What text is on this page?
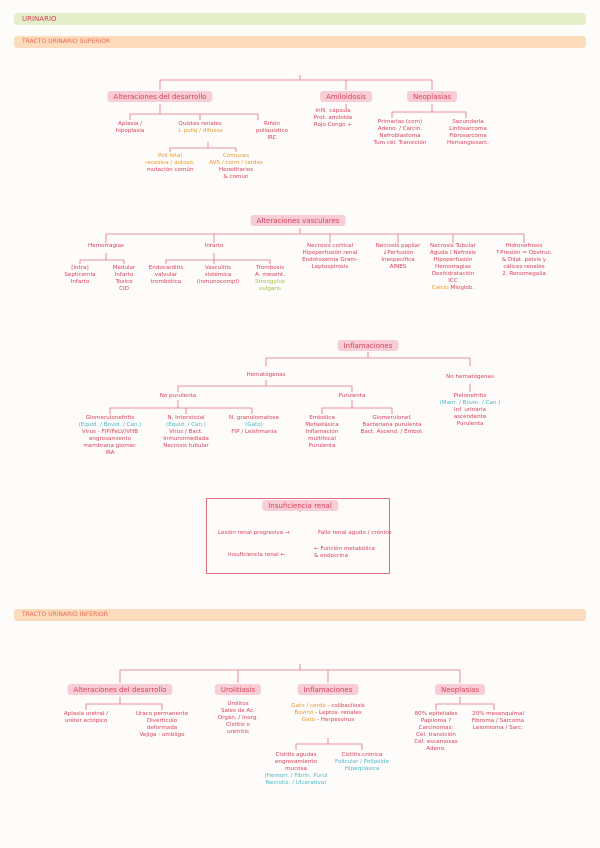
URINARIO
TRACTO URINARIO SUPERIOR
Alteraciones del desarrollo	Amiloidosis	Neoplasias
Aplasia /
hipoplasia
Quistes renales
↓ poliq / difusos
Riñón
poliquístico
IRC
Poli fetal
recesiva / autosó.
mutación común
Comunes
AVS / corm / tardes
Hereditarios
& comun
Infil. cápsula
Prot. amiloide
Rojo Congo +	Primarias (com)
Adeno. / Carcin.
Nefroblastoma
Tum cél. Transición
Secundaria
Linfosarcoma
Fibrosarcoma
Hemangiosarc.
Alteraciones vasculares
Hemorragias
[intra]
Septicemia
Infarto
Medular
Infarto
Tóxico
CID
Infarto
Endocarditis
valvular
trombótica
Vasculitis
sistémica
(inmunocompl)
Trombosis
A. mesent.
Strongylus
vulgaris
Necrosis cortical
Hipoperfusión renal
Endotoxemia Gram-
Leptospirosis
Necrosis papilar
↓Perfusión
Inespecífica
AINES
Necrosis Tubular
Aguda / Nefrosis
Hipoperfusión
Hemorragias
Deshidratación
ICC
Calcio Mioglob.
Hidronefrosis
↑Presión = Obstruc.
& Dilat. pelvis y
cálices renales
2. Renomegalia
Inflamaciones
Hematógenas	No hematógenas
No purulenta	Purulenta
Glomerulonefritis
(Equid. / Bovid. / Can.)
Virus - FIP/FeLV/VHB
engrosamiento
membrana glomer.
IRA
N. Intersticial
(Equid. / Can.)
Virus / Bact.
Inmunomediada
Necrosis tubular
N. granulomatosa
(Gato)
FIP / Leishmania
Embólica
Metastásica
Inflamación
multifocal
Purulenta
Glomerulonef.
Bacteriana purulenta
Bact. Ascend. / Émbol.
Pielonefritis
(Mam. / Bovin. / Can.)
Inf. urinaria
ascendente
Purulenta
Insuficiencia renal
Lesión renal progresiva →	Fallo renal agudo / crónico
Insuficiencia renal ←
← Función metabólica
& endocrina
TRACTO URINARIO INFERIOR
Alteraciones del desarrollo	Urolitiasis	Inflamaciones	Neoplasias
Aplasia uretral /
uréter ectópico
Uraco permanente
Divertículo
deformada
Vejiga - ombligo
Urolitos
Sales de Ac.
Orgán. / Inorg.
Cistitis o
uretritis
Gato / cerdo - colibacilosis
Bovino - Leptos. renales
Gato - Herpesvirus
Cistitis agudas
engrosamiento
mucosa
(Hemorr. / Fibrin. Purul
Necrotiz. / Ulcerativa)
Cistitis crónica
Folicular / Polipoide
Hiperplásica
80% epiteliales
Papiloma ?
Carcinomas:
Cél. transición
Cél. escamosas
Adeno.
20% mesenquimal
Fibroma / Sarcoma
Leiomioma / Sarc.
